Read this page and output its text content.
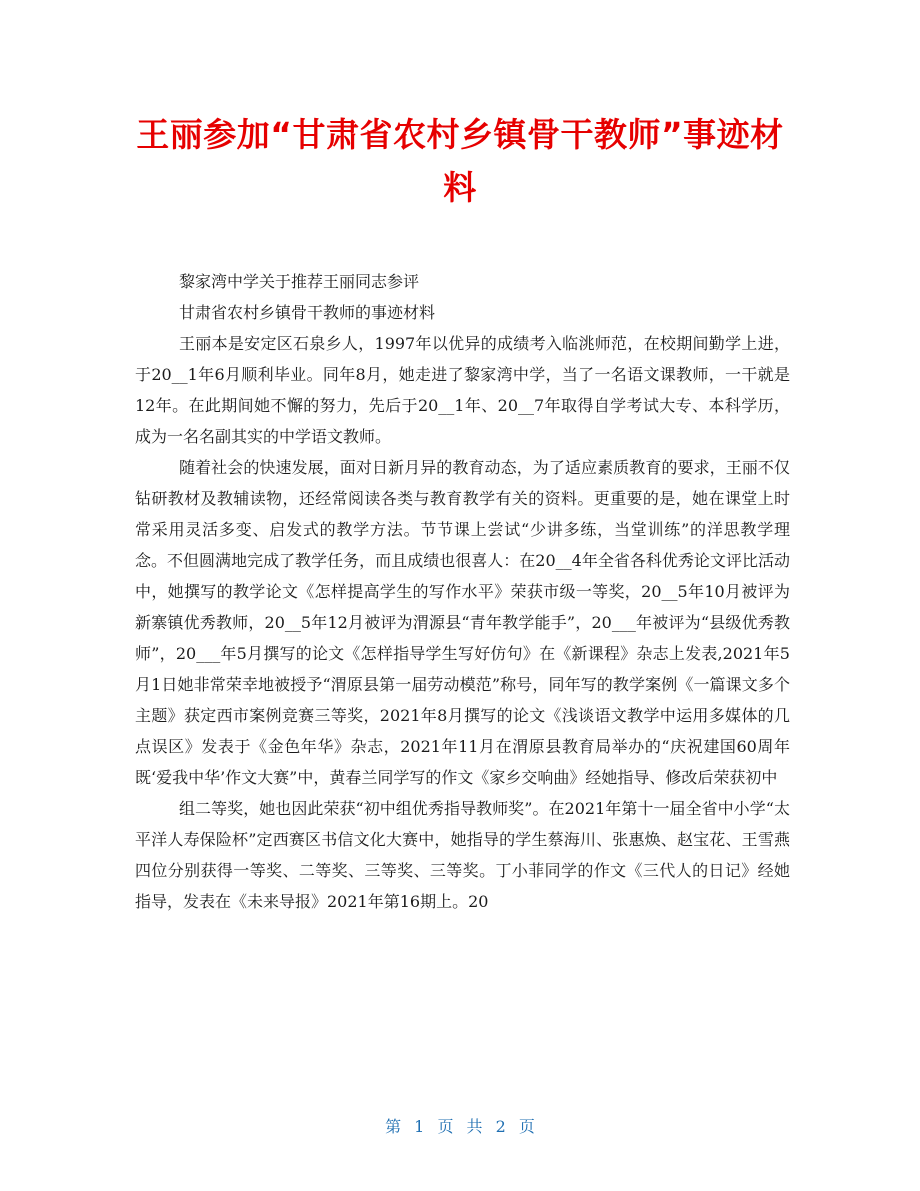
王丽参加“甘肃省农村乡镇骨干教师”事迹材料

黎家湾中学关于推荐王丽同志参评

甘肃省农村乡镇骨干教师的事迹材料

王丽本是安定区石泉乡人，1997年以优异的成绩考入临洮师范，在校期间勤学上进，于20__1年6月顺利毕业。同年8月，她走进了黎家湾中学，当了一名语文课教师，一干就是12年。在此期间她不懈的努力，先后于20__1年、20__7年取得自学考试大专、本科学历，成为一名名副其实的中学语文教师。

随着社会的快速发展，面对日新月异的教育动态，为了适应素质教育的要求，王丽不仅钻研教材及教辅读物，还经常阅读各类与教育教学有关的资料。更重要的是，她在课堂上时常采用灵活多变、启发式的教学方法。节节课上尝试“少讲多练，当堂训练”的洋思教学理念。不但圆满地完成了教学任务，而且成绩也很喜人：在20__4年全省各科优秀论文评比活动中，她撰写的教学论文《怎样提高学生的写作水平》荣获市级一等奖，20__5年10月被评为新寨镇优秀教师，20__5年12月被评为渭源县“青年教学能手”，20___年被评为“县级优秀教师”，20___年5月撰写的论文《怎样指导学生写好仿句》在《新课程》杂志上发表,2021年5月1日她非常荣幸地被授予“渭原县第一届劳动模范”称号，同年写的教学案例《一篇课文多个主题》获定西市案例竞赛三等奖，2021年8月撰写的论文《浅谈语文教学中运用多媒体的几点误区》发表于《金色年华》杂志，2021年11月在渭原县教育局举办的“庆祝建国60周年既‘爱我中华’作文大赛”中，黄春兰同学写的作文《家乡交响曲》经她指导、修改后荣获初中

组二等奖，她也因此荣获“初中组优秀指导教师奖”。在2021年第十一届全省中小学“太平洋人寿保险杯”定西赛区书信文化大赛中，她指导的学生蔡海川、张惠焕、赵宝花、王雪燕四位分别获得一等奖、二等奖、三等奖、三等奖。丁小菲同学的作文《三代人的日记》经她指导，发表在《未来导报》2021年第16期上。20

第 1 页 共 2 页
